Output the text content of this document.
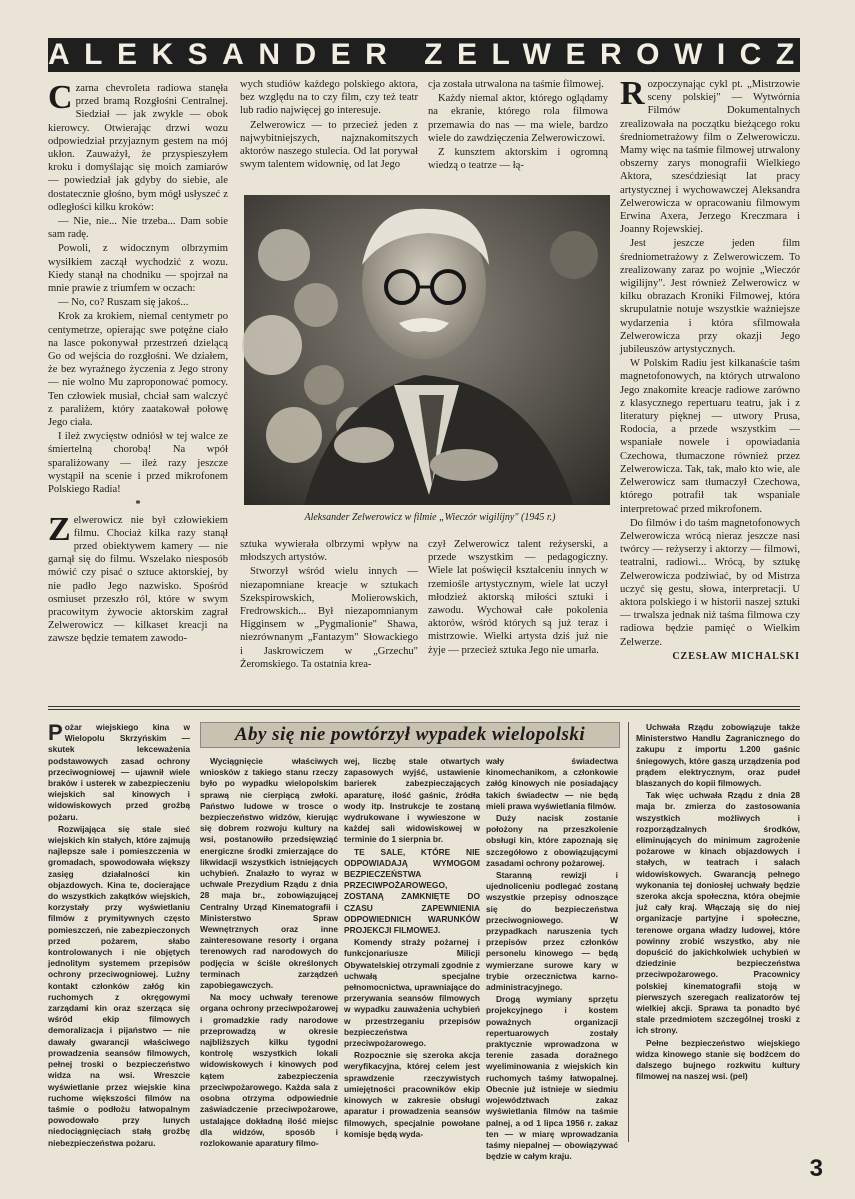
ALEKSANDER ZELWEROWICZ
C zarna chevroleta radiowa stanęła przed bramą Rozgłośni Centralnej. Siedział — jak zwykle — obok kierowcy. Otwierając drzwi wozu odpowiedział przyjaznym gestem na mój ukłon. Zauważył, że przyspieszyłem kroku i domyślając się moich zamiarów — powiedział jak gdyby do siebie, ale dostatecznie głośno, bym mógł usłyszeć z odległości kilku kroków:

— Nie, nie... Nie trzeba... Dam sobie sam radę.

Powoli, z widocznym olbrzymim wysiłkiem zaczął wychodzić z wozu. Kiedy stanął na chodniku — spojrzał na mnie prawie z triumfem w oczach:

— No, co? Ruszam się jakoś...

Krok za krokiem, niemal centymetr po centymetrze, opierając swe potężne ciało na lasce pokonywał przestrzeń dzielącą Go od wejścia do rozgłośni. We działem, że bez wyraźnego życzenia z Jego strony — nie wolno Mu zaproponować pomocy. Ten człowiek musiał, chciał sam walczyć z paraliżem, który zaatakował połowę Jego ciała.

I ileż zwycięstw odniósł w tej walce ze śmiertelną chorobą! Na wpół sparaliżowany — ileż razy jeszcze wystąpił na scenie i przed mikrofonem Polskiego Radia!

*

Z elwerowicz nie był człowiekiem filmu. Chociaż kilka razy stanął przed obiektywem kamery — nie garnął się do filmu. Wszelako niesposób mówić czy pisać o sztuce aktorskiej, by nie padło Jego nazwisko. Spośród osmiuset przeszło ról, które w swym pracowitym żywocie aktorskim zagrał Zelwerowicz — kilkaset kreacji na zawsze będzie tematem zawodo-

wych studiów każdego polskiego aktora, bez względu na to czy film, czy też teatr lub radio najwięcej go interesuje.

Zelwerowicz — to przecież jeden z najwybitniejszych, najznakomitszych aktorów naszego stulecia. Od lat porywał swym talentem widownię, od lat Jego

cja została utrwalona na taśmie filmowej.

Każdy niemal aktor, którego oglądamy na ekranie, którego rola filmowa przemawia do nas — ma wiele, bardzo wiele do zawdzięczenia Zelwerowiczowi.

Z kunsztem aktorskim i ogromną wiedzą o teatrze — łą-

Aleksander Zelwerowicz w filmie „Wieczór wigilijny" (1945 r.)

sztuka wywierała olbrzymi wpływ na młodszych artystów.

Stworzył wśród wielu innych — niezapomniane kreacje w sztukach Szekspirowskich, Molierowskich, Fredrowskich... Był niezapomnianym Higginsem w „Pygmalionie" Shawa, niezrównanym „Fantazym" Słowackiego i Jaskrowiczem w „Grzechu" Żeromskiego. Ta ostatnia krea-

czył Zelwerowicz talent reżyserski, a przede wszystkim — pedagogiczny. Wiele lat poświęcił kształceniu innych w rzemiośle artystycznym, wiele lat uczył młodzież aktorską miłości sztuki i zawodu. Wychował całe pokolenia aktorów, wśród których są już teraz i mistrzowie. Wielki artysta dziś już nie żyje — przecież sztuka Jego nie umarła.

R ozpoczynając cykl pt. „Mistrzowie sceny polskiej" — Wytwórnia Filmów Dokumentalnych zrealizowała na początku bieżącego roku średniometrażowy film o Zelwerowiczu. Mamy więc na taśmie filmowej utrwalony obszerny zarys monografii Wielkiego Aktora, szesćdziesiąt lat pracy artystycznej i wychowawczej Aleksandra Zelwerowicza w opracowaniu filmowym Erwina Axera, Jerzego Kreczmara i Joanny Rojewskiej.

Jest jeszcze jeden film średniometrażowy z Zelwerowiczem. To zrealizowany zaraz po wojnie „Wieczór wigilijny". Jest również Zelwerowicz w kilku obrazach Kroniki Filmowej, która skrupulatnie notuje wszystkie ważniejsze wydarzenia i która sfilmowała Zelwerowicza przy okazji Jego jubileuszów artystycznych.

W Polskim Radiu jest kilkanaście taśm magnetofonowych, na których utrwalono Jego znakomite kreacje radiowe zarówno z klasycznego repertuaru teatru, jak i z literatury pięknej — utwory Prusa, Rodocia, a przede wszystkim — wspaniałe nowele i opowiadania Czechowa, tłumaczone również przez Zelwerowicza. Tak, tak, mało kto wie, ale Zelwerowicz sam tłumaczył Czechowa, którego potrafił tak wspaniale interpretować przed mikrofonem.

Do filmów i do taśm magnetofonowych Zelwerowicza wrócą nieraz jeszcze nasi twórcy — reżyserzy i aktorzy — filmowi, teatralni, radiowi... Wrócą, by sztukę Zelwerowicza podziwiać, by od Mistrza uczyć się gestu, słowa, interpretacji. U aktora polskiego i w historii naszej sztuki — trwalsza jednak niż taśma filmowa czy radiowa będzie pamięć o Wielkim Zelwerze.

CZESŁAW MICHALSKI

Aby się nie powtórzył wypadek wielopolski
P ożar wiejskiego kina w Wielopolu Skrzyńskim — skutek lekceważenia podstawowych zasad ochrony przeciwogniowej — ujawnił wiele braków i usterek w zabezpieczeniu wiejskich sal kinowych i widowiskowych przed groźbą pożaru.

Rozwijająca się stale sieć wiejskich kin stałych, które zajmują najlepsze sale i pomieszczenia w gromadach, spowodowała większy zasięg działalności kin objazdowych. Kina te, docierające do wszystkich zakątków wiejskich, korzystały przy wyświetlaniu filmów z prymitywnych często pomieszczeń, nie zabezpieczonych przed pożarem, słabo kontrolowanych i nie objętych jednolitym systemem przepisów ochrony przeciwogniowej. Luźny kontakt członków załóg kin ruchomych z okręgowymi zarządami kin oraz szerząca się wśród ekip filmowych demoralizacja i pijaństwo — nie dawały gwarancji właściwego prowadzenia seansów filmowych, pełnej troski o bezpieczeństwo widza na wsi. Wreszcie wyświetlanie przez wiejskie kina ruchome większości filmów na taśmie o podłożu łatwopalnym powodowało przy lunych niedociągnięciach stałą groźbę niebezpieczeństwa pożaru.

Wyciągnięcie właściwych wniosków z takiego stanu rzeczy było po wypadku wielopolskim sprawą nie cierpiącą zwłoki. Państwo ludowe w trosce o bezpieczeństwo widzów, kierując się dobrem rozwoju kultury na wsi, postanowiło przedsięwziąć energiczne środki zmierzające do likwidacji wszystkich istniejących uchybień. Znalazło to wyraz w uchwale Prezydium Rządu z dnia 28 maja br., zobowiązującej Centralny Urząd Kinematografii i Ministerstwo Spraw Wewnętrznych oraz inne zainteresowane resorty i organa terenowych rad narodowych do podjęcia w ściśle określonych terminach zarządzeń zapobiegawczych.

Na mocy uchwały terenowe organa ochrony przeciwpożarowej i gromadzkie rady narodowe przeprowadzą w okresie najbliższych kilku tygodni kontrolę wszystkich lokali widowiskowych i kinowych pod kątem zabezpieczenia przeciwpożarowego. Każda sala z osobna otrzyma odpowiednie zaświadczenie przeciwpożarowe, ustalające dokładną ilość miejsc dla widzów, sposób i rozlokowanie aparatury filmo-

wej, liczbę stale otwartych zapasowych wyjść, ustawienie barierek zabezpieczających aparaturę, ilość gaśnic, źródła wody itp. Instrukcje te zostaną wydrukowane i wywieszone w każdej sali widowiskowej w terminie do 1 sierpnia br.

TE SALE, KTÓRE NIE ODPOWIADAJĄ WYMOGOM BEZPIECZEŃSTWA PRZECIWPOŻAROWEGO, ZOSTANĄ ZAMKNIĘTE DO CZASU ZAPEWNIENIA ODPOWIEDNICH WARUNKÓW PROJEKCJI FILMOWEJ.

Komendy straży pożarnej i funkcjonariusze Milicji Obywatelskiej otrzymali zgodnie z uchwałą specjalne pełnomocnictwa, uprawniające do przerywania seansów filmowych w wypadku zauważenia uchybień w przestrzeganiu przepisów bezpieczeństwa przeciwpożarowego.

Rozpocznie się szeroka akcja weryfikacyjna, której celem jest sprawdzenie rzeczywistych umiejętności pracowników ekip kinowych w zakresie obsługi aparatur i prowadzenia seansów filmowych, specjalnie powołane komisje będą wyda-

wały świadectwa kinomechanikom, a członkowie załóg kinowych nie posiadający takich świadectw — nie będą mieli prawa wyświetlania filmów.

Duży nacisk zostanie położony na przeszkolenie obsługi kin, które zapoznają się szczegółowo z obowiązującymi zasadami ochrony pożarowej.

Staranną rewizji i ujednoliceniu podlegać zostaną wszystkie przepisy odnoszące się do bezpieczeństwa przeciwogniowego. W przypadkach naruszenia tych przepisów przez członków personelu kinowego — będą wymierzane surowe kary w trybie orzecznictwa karno-administracyjnego.

Drogą wymiany sprzętu projekcyjnego i kostem poważnych organizacji repertuarowych zostały praktycznie wprowadzona w terenie zasada dorażnego wyeliminowania z wiejskich kin ruchomych taśmy łatwopalnej. Obecnie już istnieje w siedmiu województwach zakaz wyświetlania filmów na taśmie palnej, a od 1 lipca 1956 r. zakaz ten — w miarę wprowadzania taśmy niepalnej — obowiązywać będzie w całym kraju.

Uchwała Rządu zobowiązuje także Ministerstwo Handlu Zagranicznego do zakupu z importu 1.200 gaśnic śniegowych, które gaszą urządzenia pod prądem elektrycznym, oraz pudeł blaszanych do kopii filmowych.

Tak więc uchwała Rządu z dnia 28 maja br. zmierza do zastosowania wszystkich możliwych i rozporządzalnych środków, eliminujących do minimum zagrożenie pożarowe w kinach objazdowych i stałych, w teatrach i salach widowiskowych. Gwarancją pełnego wykonania tej doniosłej uchwały będzie szeroka akcja społeczna, która obejmie już cały kraj. Włączają się do niej organizacje partyjne i społeczne, terenowe organa władzy ludowej, które powinny zrobić wszystko, aby nie dopuścić do jakichkolwiek uchybień w dziedzinie bezpieczeństwa przeciwpożarowego. Pracownicy polskiej kinematografii stoją w pierwszych szeregach realizatorów tej wielkiej akcji. Sprawa ta ponadto być stale przedmiotem szczególnej troski z ich strony.

Pełne bezpieczeństwo wiejskiego widza kinowego stanie się bodźcem do dalszego bujnego rozkwitu kultury filmowej na naszej wsi. (pel)

3
